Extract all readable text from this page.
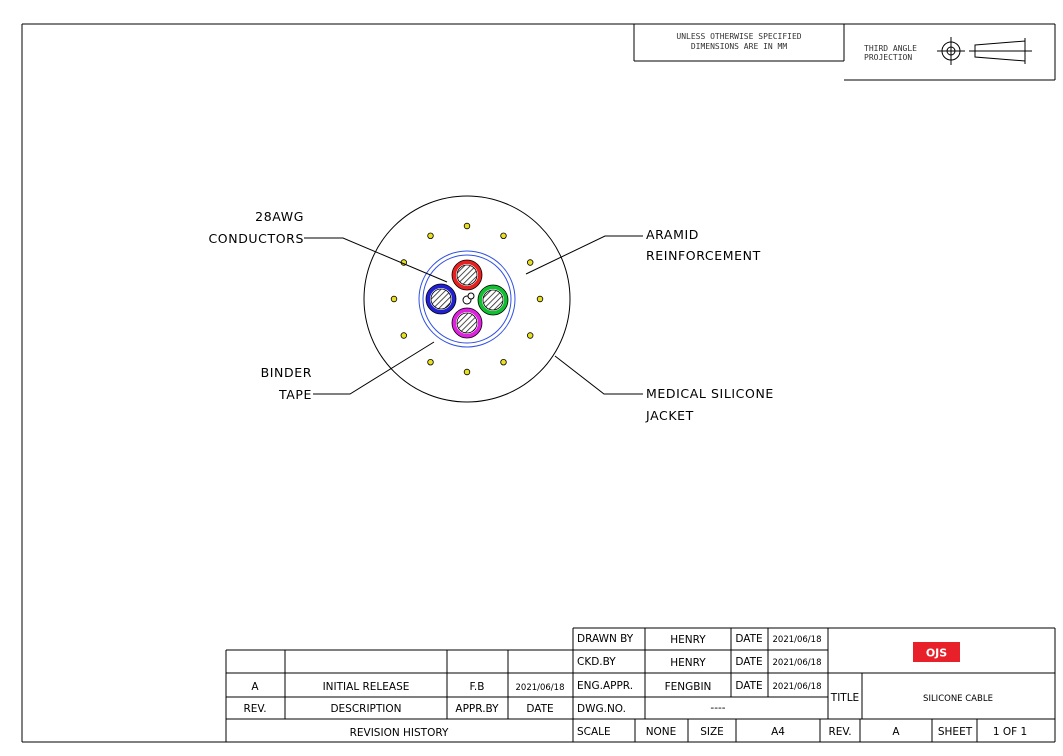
UNLESS OTHERWISE SPECIFIED
DIMENSIONS ARE IN MM	THIRD ANGLE
PROJECTION
28AWG
CONDUCTORS	ARAMID
REINFORCEMENT
BINDER
TAPE	MEDICAL SILICONE
JACKET
A	INITIAL RELEASE	F.B	2021/06/18
REV.	DESCRIPTION	APPR.BY	DATE
REVISION HISTORY
DRAWN BY	HENRY	DATE 2021/06/18
CKD.BY	HENRY	DATE 2021/06/18
ENG.APPR.	FENGBIN DATE 2021/06/18
DWG.NO.	----
TITLE	SILICONE CABLE
SCALE	NONE SIZE	A4	REV.	A	SHEET 1 OF 1
OJS
